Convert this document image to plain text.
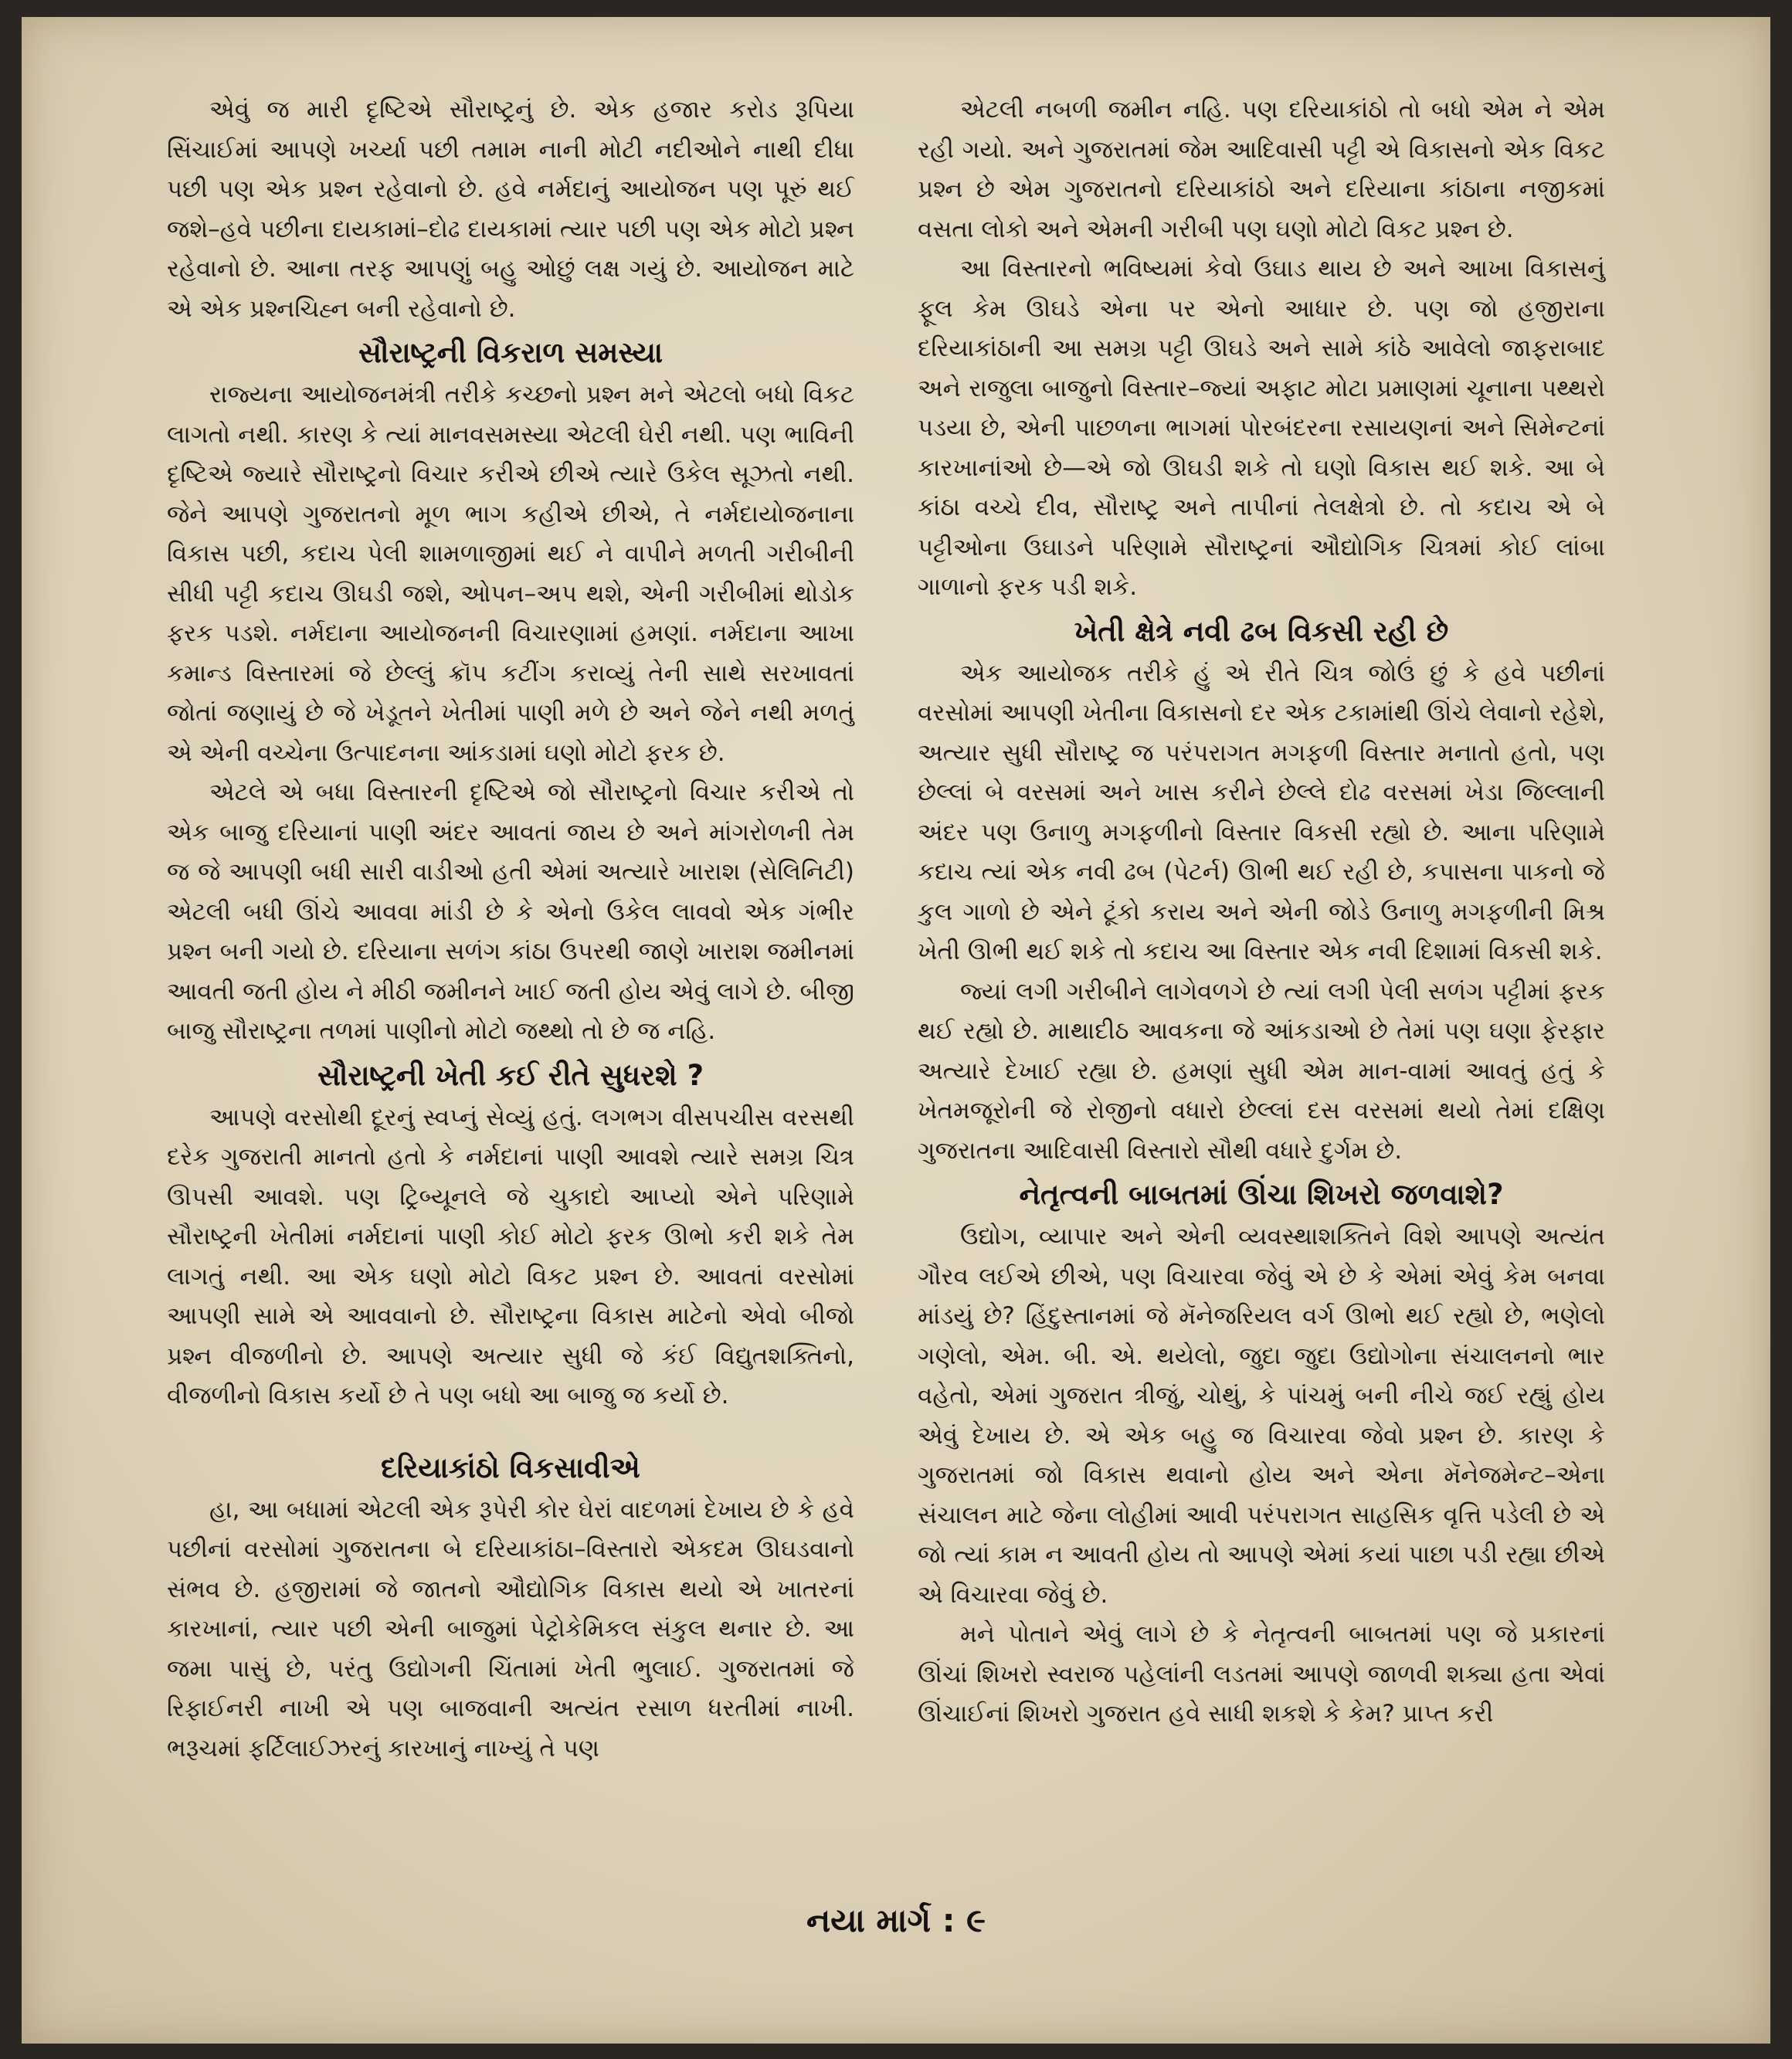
એવું જ મારી દૃષ્ટિએ સૌરાષ્ટ્રનું છે. એક હજાર કરોડ રૂપિયા સિંચાઈમાં આપણે ખર્ચ્યા પછી તમામ નાની મોટી નદીઓને નાથી દીધા પછી પણ એક પ્રશ્ન રહેવાનો છે. હવે નર્મદાનું આયોજન પણ પૂરું થઈ જશે–હવે પછીના દાયકામાં–દોઢ દાયકામાં ત્યાર પછી પણ એક મોટો પ્રશ્ન રહેવાનો છે. આના તરફ આપણું બહુ ઓછું લક્ષ ગયું છે. આયોજન માટે એ એક પ્રશ્નચિહ્ન બની રહેવાનો છે.

સૌરાષ્ટ્રની વિકરાળ સમસ્યા

રાજ્યના આયોજનમંત્રી તરીકે કચ્છનો પ્રશ્ન મને એટલો બધો વિકટ લાગતો નથી. કારણ કે ત્યાં માનવસમસ્યા એટલી ઘેરી નથી. પણ ભાવિની દૃષ્ટિએ જ્યારે સૌરાષ્ટ્રનો વિચાર કરીએ છીએ ત્યારે ઉકેલ સૂઝતો નથી. જેને આપણે ગુજરાતનો મૂળ ભાગ કહીએ છીએ, તે નર્મદાયોજનાના વિકાસ પછી, કદાચ પેલી શામળાજીમાં થઈ ને વાપીને મળતી ગરીબીની સીધી પટ્ટી કદાચ ઊઘડી જશે, ઓપન–અપ થશે, એની ગરીબીમાં થોડોક ફરક પડશે. નર્મદાના આયોજનની વિચારણામાં હમણાં. નર્મદાના આખા કમાન્ડ વિસ્તારમાં જે છેલ્લું ક્રૉપ કટીંગ કરાવ્યું તેની સાથે સરખાવતાં જોતાં જણાયું છે જે ખેડૂતને ખેતીમાં પાણી મળે છે અને જેને નથી મળતું એ એની વચ્ચેના ઉત્પાદનના આંકડામાં ઘણો મોટો ફરક છે.

એટલે એ બધા વિસ્તારની દૃષ્ટિએ જો સૌરાષ્ટ્રનો વિચાર કરીએ તો એક બાજુ દરિયાનાં પાણી અંદર આવતાં જાય છે અને માંગરોળની તેમ જ જે આપણી બધી સારી વાડીઓ હતી એમાં અત્યારે ખારાશ (સેલિનિટી) એટલી બધી ઊંચે આવવા માંડી છે કે એનો ઉકેલ લાવવો એક ગંભીર પ્રશ્ન બની ગયો છે. દરિયાના સળંગ કાંઠા ઉપરથી જાણે ખારાશ જમીનમાં આવતી જતી હોય ને મીઠી જમીનને ખાઈ જતી હોય એવું લાગે છે. બીજી બાજુ સૌરાષ્ટ્રના તળમાં પાણીનો મોટો જથ્થો તો છે જ નહિ.

સૌરાષ્ટ્રની ખેતી કઈ રીતે સુધરશે ?

આપણે વરસોથી દૂરનું સ્વપ્નું સેવ્યું હતું. લગભગ વીસપચીસ વરસથી દરેક ગુજરાતી માનતો હતો કે નર્મદાનાં પાણી આવશે ત્યારે સમગ્ર ચિત્ર ઊપસી આવશે. પણ ટ્રિબ્યૂનલે જે ચુકાદો આપ્યો એને પરિણામે સૌરાષ્ટ્રની ખેતીમાં નર્મદાનાં પાણી કોઈ મોટો ફરક ઊભો કરી શકે તેમ લાગતું નથી. આ એક ઘણો મોટો વિકટ પ્રશ્ન છે. આવતાં વરસોમાં આપણી સામે એ આવવાનો છે. સૌરાષ્ટ્રના વિકાસ માટેનો એવો બીજો પ્રશ્ન વીજળીનો છે. આપણે અત્યાર સુધી જે કંઈ વિદ્યુતશક્તિનો, વીજળીનો વિકાસ કર્યો છે તે પણ બધો આ બાજુ જ કર્યો છે.

દરિયાકાંઠો વિકસાવીએ

હા, આ બધામાં એટલી એક રૂપેરી કોર ઘેરાં વાદળમાં દેખાય છે કે હવે પછીનાં વરસોમાં ગુજરાતના બે દરિયાકાંઠા–વિસ્તારો એકદમ ઊઘડવાનો સંભવ છે. હજીરામાં જે જાતનો ઔદ્યોગિક વિકાસ થયો એ ખાતરનાં કારખાનાં, ત્યાર પછી એની બાજુમાં પેટ્રોકેમિકલ સંકુલ થનાર છે. આ જમા પાસું છે, પરંતુ ઉદ્યોગની ચિંતામાં ખેતી ભુલાઈ. ગુજરાતમાં જે રિફાઈનરી નાખી એ પણ બાજવાની અત્યંત રસાળ ધરતીમાં નાખી. ભરૂચમાં ફર્ટિલાઈઝરનું કારખાનું નાખ્યું તે પણ

એટલી નબળી જમીન નહિ. પણ દરિયાકાંઠો તો બધો એમ ને એમ રહી ગયો. અને ગુજરાતમાં જેમ આદિવાસી પટ્ટી એ વિકાસનો એક વિકટ પ્રશ્ન છે એમ ગુજરાતનો દરિયાકાંઠો અને દરિયાના કાંઠાના નજીકમાં વસતા લોકો અને એમની ગરીબી પણ ઘણો મોટો વિકટ પ્રશ્ન છે.

આ વિસ્તારનો ભવિષ્યમાં કેવો ઉઘાડ થાય છે અને આખા વિકાસનું ફૂલ કેમ ઊઘડે એના પર એનો આધાર છે. પણ જો હજીરાના દરિયાકાંઠાની આ સમગ્ર પટ્ટી ઊઘડે અને સામે કાંઠે આવેલો જાફરાબાદ અને રાજુલા બાજુનો વિસ્તાર–જ્યાં અફાટ મોટા પ્રમાણમાં ચૂનાના પથ્થરો પડયા છે, એની પાછળના ભાગમાં પોરબંદરના રસાયણનાં અને સિમેન્ટનાં કારખાનાંઓ છે—એ જો ઊઘડી શકે તો ઘણો વિકાસ થઈ શકે. આ બે કાંઠા વચ્ચે દીવ, સૌરાષ્ટ્ર અને તાપીનાં તેલક્ષેત્રો છે. તો કદાચ એ બે પટ્ટીઓના ઉઘાડને પરિણામે સૌરાષ્ટ્રનાં ઔદ્યોગિક ચિત્રમાં કોઈ લાંબા ગાળાનો ફરક પડી શકે.

ખેતી ક્ષેત્રે નવી ઢબ વિકસી રહી છે

એક આયોજક તરીકે હું એ રીતે ચિત્ર જોઉં છું કે હવે પછીનાં વરસોમાં આપણી ખેતીના વિકાસનો દર એક ટકામાંથી ઊંચે લેવાનો રહેશે, અત્યાર સુધી સૌરાષ્ટ્ર જ પરંપરાગત મગફળી વિસ્તાર મનાતો હતો, પણ છેલ્લાં બે વરસમાં અને ખાસ કરીને છેલ્લે દોઢ વરસમાં ખેડા જિલ્લાની અંદર પણ ઉનાળુ મગફળીનો વિસ્તાર વિકસી રહ્યો છે. આના પરિણામે કદાચ ત્યાં એક નવી ઢબ (પેટર્ન) ઊભી થઈ રહી છે, કપાસના પાકનો જે કુલ ગાળો છે એને ટૂંકો કરાય અને એની જોડે ઉનાળુ મગફળીની મિશ્ર ખેતી ઊભી થઈ શકે તો કદાચ આ વિસ્તાર એક નવી દિશામાં વિકસી શકે.

જ્યાં લગી ગરીબીને લાગેવળગે છે ત્યાં લગી પેલી સળંગ પટ્ટીમાં ફરક થઈ રહ્યો છે. માથાદીઠ આવકના જે આંકડાઓ છે તેમાં પણ ઘણા ફેરફાર અત્યારે દેખાઈ રહ્યા છે. હમણાં સુધી એમ માન-વામાં આવતું હતું કે ખેતમજૂરોની જે રોજીનો વધારો છેલ્લાં દસ વરસમાં થયો તેમાં દક્ષિણ ગુજરાતના આદિવાસી વિસ્તારો સૌથી વધારે દુર્ગમ છે.

નેતૃત્વની બાબતમાં ઊંચા શિખરો જળવાશે?

ઉદ્યોગ, વ્યાપાર અને એની વ્યવસ્થાશક્તિને વિશે આપણે અત્યંત ગૌરવ લઈએ છીએ, પણ વિચારવા જેવું એ છે કે એમાં એવું કેમ બનવા માંડયું છે? હિંદુસ્તાનમાં જે મૅનેજરિયલ વર્ગ ઊભો થઈ રહ્યો છે, ભણેલો ગણેલો, એમ. બી. એ. થયેલો, જુદા જુદા ઉદ્યોગોના સંચાલનનો ભાર વહેતો, એમાં ગુજરાત ત્રીજું, ચોથું, કે પાંચમું બની નીચે જઈ રહ્યું હોય એવું દેખાય છે. એ એક બહુ જ વિચારવા જેવો પ્રશ્ન છે. કારણ કે ગુજરાતમાં જો વિકાસ થવાનો હોય અને એના મૅનેજમેન્ટ–એના સંચાલન માટે જેના લોહીમાં આવી પરંપરાગત સાહસિક વૃત્તિ પડેલી છે એ જો ત્યાં કામ ન આવતી હોય તો આપણે એમાં કયાં પાછા પડી રહ્યા છીએ એ વિચારવા જેવું છે.

મને પોતાને એવું લાગે છે કે નેતૃત્વની બાબતમાં પણ જે પ્રકારનાં ઊંચાં શિખરો સ્વરાજ પહેલાંની લડતમાં આપણે જાળવી શક્યા હતા એવાં ઊંચાઈનાં શિખરો ગુજરાત હવે સાધી શકશે કે કેમ? પ્રાપ્ત કરી

નયા માર્ગ : ૯
